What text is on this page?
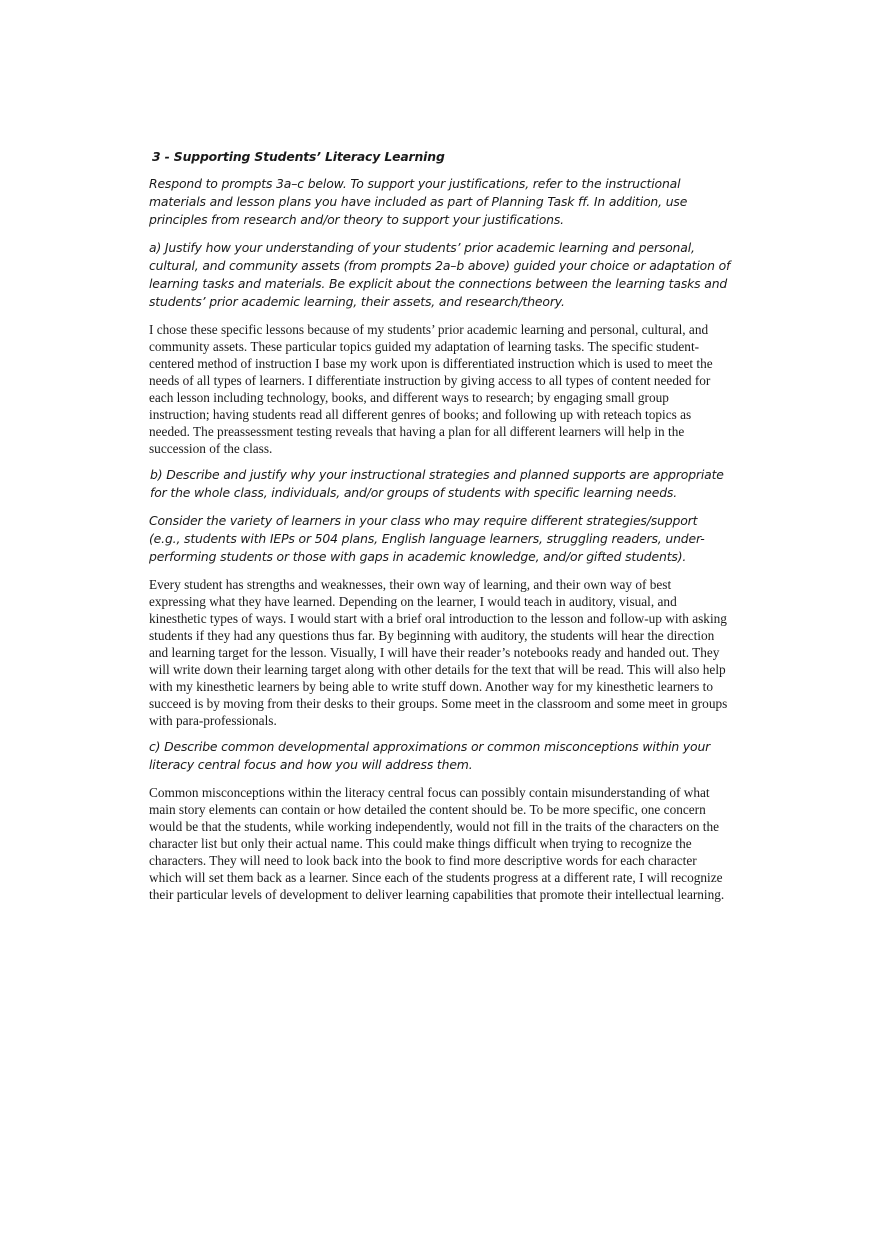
3 - Supporting Students’ Literacy Learning

Respond to prompts 3a–c below. To support your justifications, refer to the instructional materials and lesson plans you have included as part of Planning Task ff. In addition, use principles from research and/or theory to support your justifications.

a) Justify how your understanding of your students’ prior academic learning and personal, cultural, and community assets (from prompts 2a–b above) guided your choice or adaptation of learning tasks and materials. Be explicit about the connections between the learning tasks and students’ prior academic learning, their assets, and research/theory.

I chose these specific lessons because of my students’ prior academic learning and personal, cultural, and community assets. These particular topics guided my adaptation of learning tasks. The specific student-centered method of instruction I base my work upon is differentiated instruction which is used to meet the needs of all types of learners. I differentiate instruction by giving access to all types of content needed for each lesson including technology, books, and different ways to research; by engaging small group instruction; having students read all different genres of books; and following up with reteach topics as needed. The preassessment testing reveals that having a plan for all different learners will help in the succession of the class.

b) Describe and justify why your instructional strategies and planned supports are appropriate for the whole class, individuals, and/or groups of students with specific learning needs.

Consider the variety of learners in your class who may require different strategies/support (e.g., students with IEPs or 504 plans, English language learners, struggling readers, under-performing students or those with gaps in academic knowledge, and/or gifted students).

Every student has strengths and weaknesses, their own way of learning, and their own way of best expressing what they have learned. Depending on the learner, I would teach in auditory, visual, and kinesthetic types of ways. I would start with a brief oral introduction to the lesson and follow-up with asking students if they had any questions thus far. By beginning with auditory, the students will hear the direction and learning target for the lesson. Visually, I will have their reader’s notebooks ready and handed out. They will write down their learning target along with other details for the text that will be read. This will also help with my kinesthetic learners by being able to write stuff down. Another way for my kinesthetic learners to succeed is by moving from their desks to their groups. Some meet in the classroom and some meet in groups with para-professionals.

c) Describe common developmental approximations or common misconceptions within your literacy central focus and how you will address them.

Common misconceptions within the literacy central focus can possibly contain misunderstanding of what main story elements can contain or how detailed the content should be. To be more specific, one concern would be that the students, while working independently, would not fill in the traits of the characters on the character list but only their actual name. This could make things difficult when trying to recognize the characters. They will need to look back into the book to find more descriptive words for each character which will set them back as a learner. Since each of the students progress at a different rate, I will recognize their particular levels of development to deliver learning capabilities that promote their intellectual learning.
